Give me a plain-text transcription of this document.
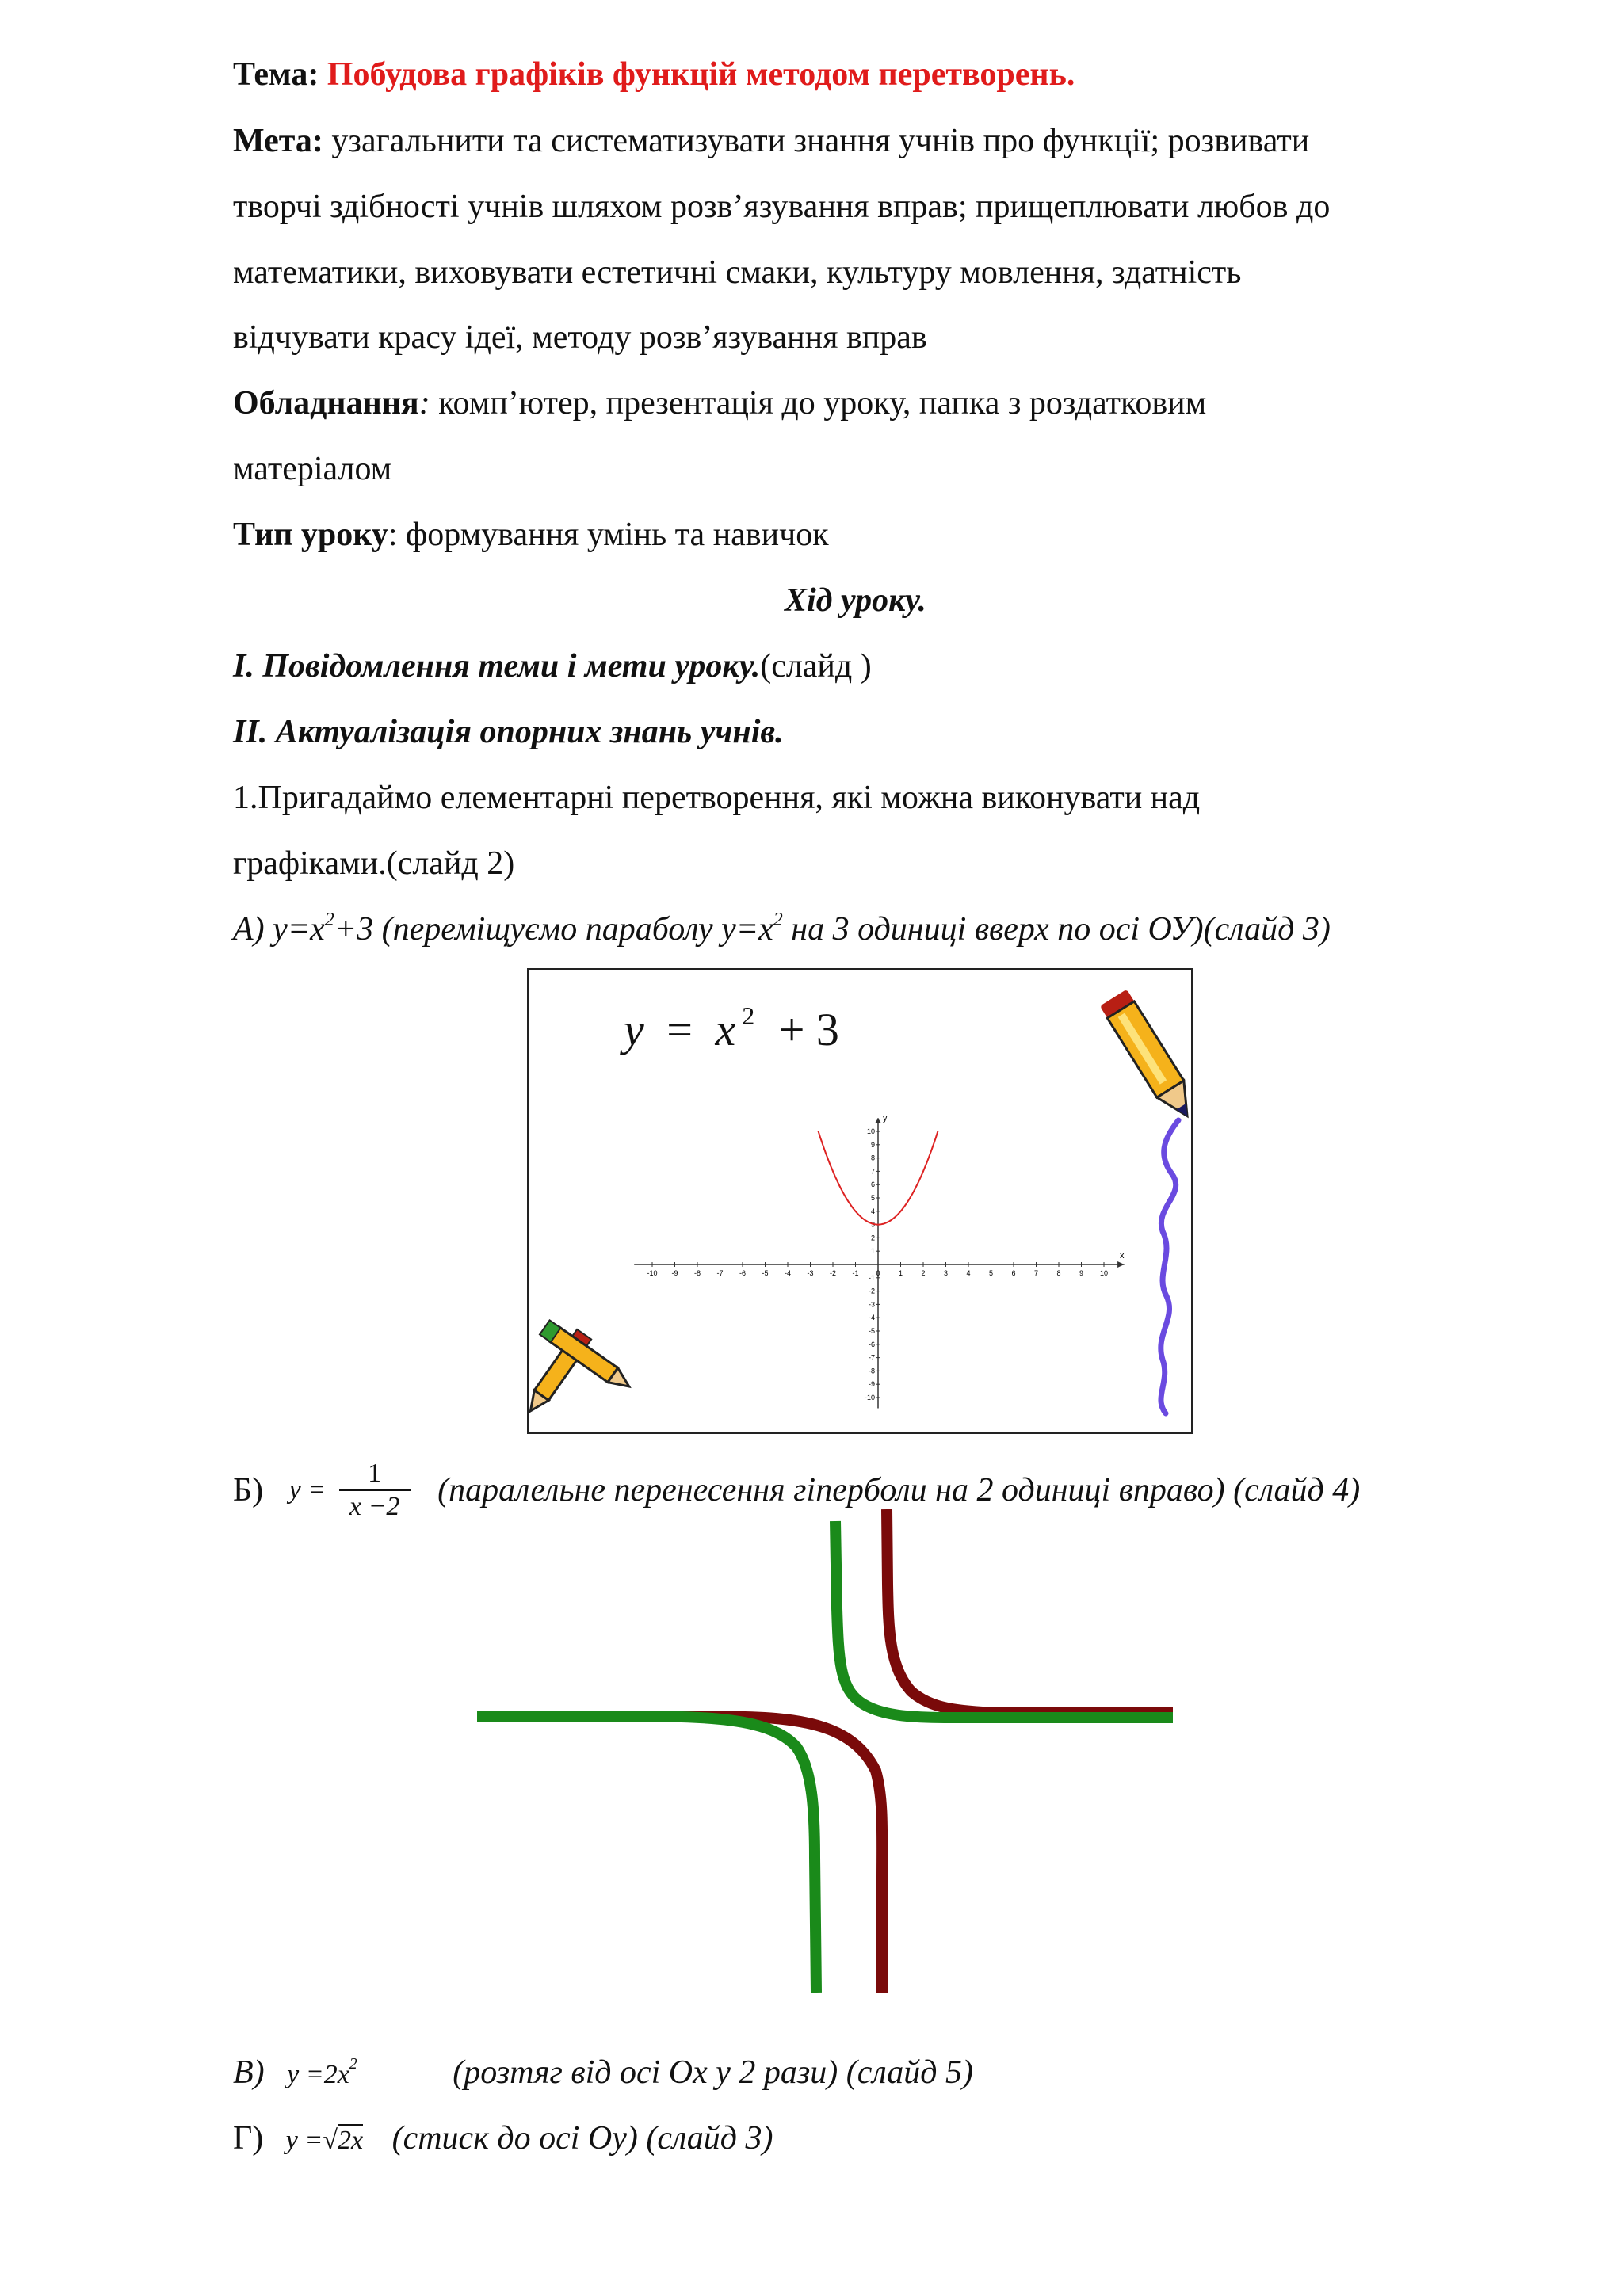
Тема: Побудова графіків функцій методом перетворень.
Мета: узагальнити та систематизувати знання учнів про функції; розвивати
творчі здібності учнів шляхом розв’язування вправ; прищеплювати любов до
математики, виховувати естетичні смаки, культуру мовлення, здатність
відчувати красу ідеї, методу розв’язування вправ
Обладнання: комп’ютер, презентація до уроку, папка з роздатковим
матеріалом
Тип уроку: формування умінь та навичок
Хід уроку.
I. Повідомлення теми і мети уроку.(слайд )
II. Актуалізація опорних знань учнів.
1.Пригадаймо елементарні перетворення, які можна виконувати над
графіками.(слайд 2)
А) $y=x^2+3$ (переміщуємо параболу $y=x^2$ на 3 одиниці вверх по осі ОУ)(слайд 3)
y = x $^2$ + 3
x
y
-10 -9 -8 -7 -6 -5 -4 -3 -2 -1 0	1	2	3	4	5	6	7	8	9 10
10
9
8
7
6
5
4
3
2
1
-1
-2
-3
-4
-5
-6
-7
-8
-9
-10
Б) $y = \frac{1}{x -2}$ (паралельне перенесення гіперболи на 2 одиниці вправо) (слайд 4)
В) $y =2x^2$	(розтяг від осі Ох у 2 рази) (слайд 5)
Г) y =√2x (стиск до осі Оу) (слайд 3)
